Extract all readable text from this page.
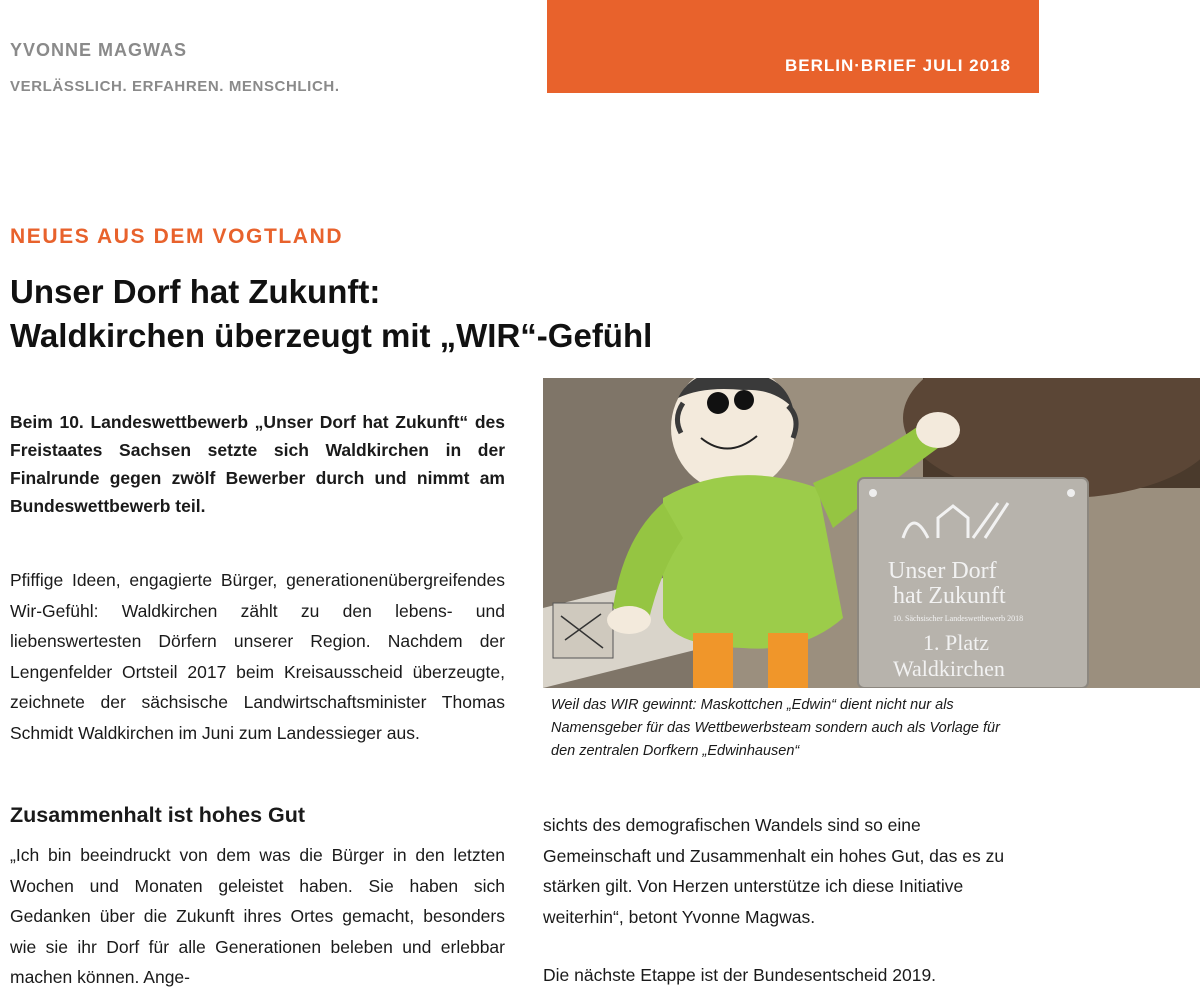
YVONNE MAGWAS
VERLÄSSLICH. ERFAHREN. MENSCHLICH.
BERLIN·BRIEF JULI 2018
NEUES AUS DEM VOGTLAND
Unser Dorf hat Zukunft:
Waldkirchen überzeugt mit „WIR“-Gefühl
Beim 10. Landeswettbewerb „Unser Dorf hat Zukunft“ des Freistaates Sachsen setzte sich Waldkirchen in der Finalrunde gegen zwölf Bewerber durch und nimmt am Bundeswettbewerb teil.
Pfiffige Ideen, engagierte Bürger, generationenübergreifendes Wir-Gefühl: Waldkirchen zählt zu den lebens- und liebenswertesten Dörfern unserer Region. Nachdem der Lengenfelder Ortsteil 2017 beim Kreisausscheid überzeugte, zeichnete der sächsische Landwirtschaftsminister Thomas Schmidt Waldkirchen im Juni zum Landessieger aus.
Zusammenhalt ist hohes Gut
„Ich bin beeindruckt von dem was die Bürger in den letzten Wochen und Monaten geleistet haben. Sie haben sich Gedanken über die Zukunft ihres Ortes gemacht, besonders wie sie ihr Dorf für alle Generationen beleben und erlebbar machen können. Ange-
sichts des demografischen Wandels sind so eine Gemeinschaft und Zusammenhalt ein hohes Gut, das es zu stärken gilt. Von Herzen unterstütze ich diese Initiative weiterhin“, betont Yvonne Magwas.
Die nächste Etappe ist der Bundesentscheid 2019.
Unser Dorf
hat Zukunft
10. Sächsischer Landeswettbewerb 2018
1. Platz
Waldkirchen
Weil das WIR gewinnt: Maskottchen „Edwin“ dient nicht nur als Namensgeber für das Wettbewerbsteam sondern auch als Vorlage für den zentralen Dorfkern „Edwinhausen“
